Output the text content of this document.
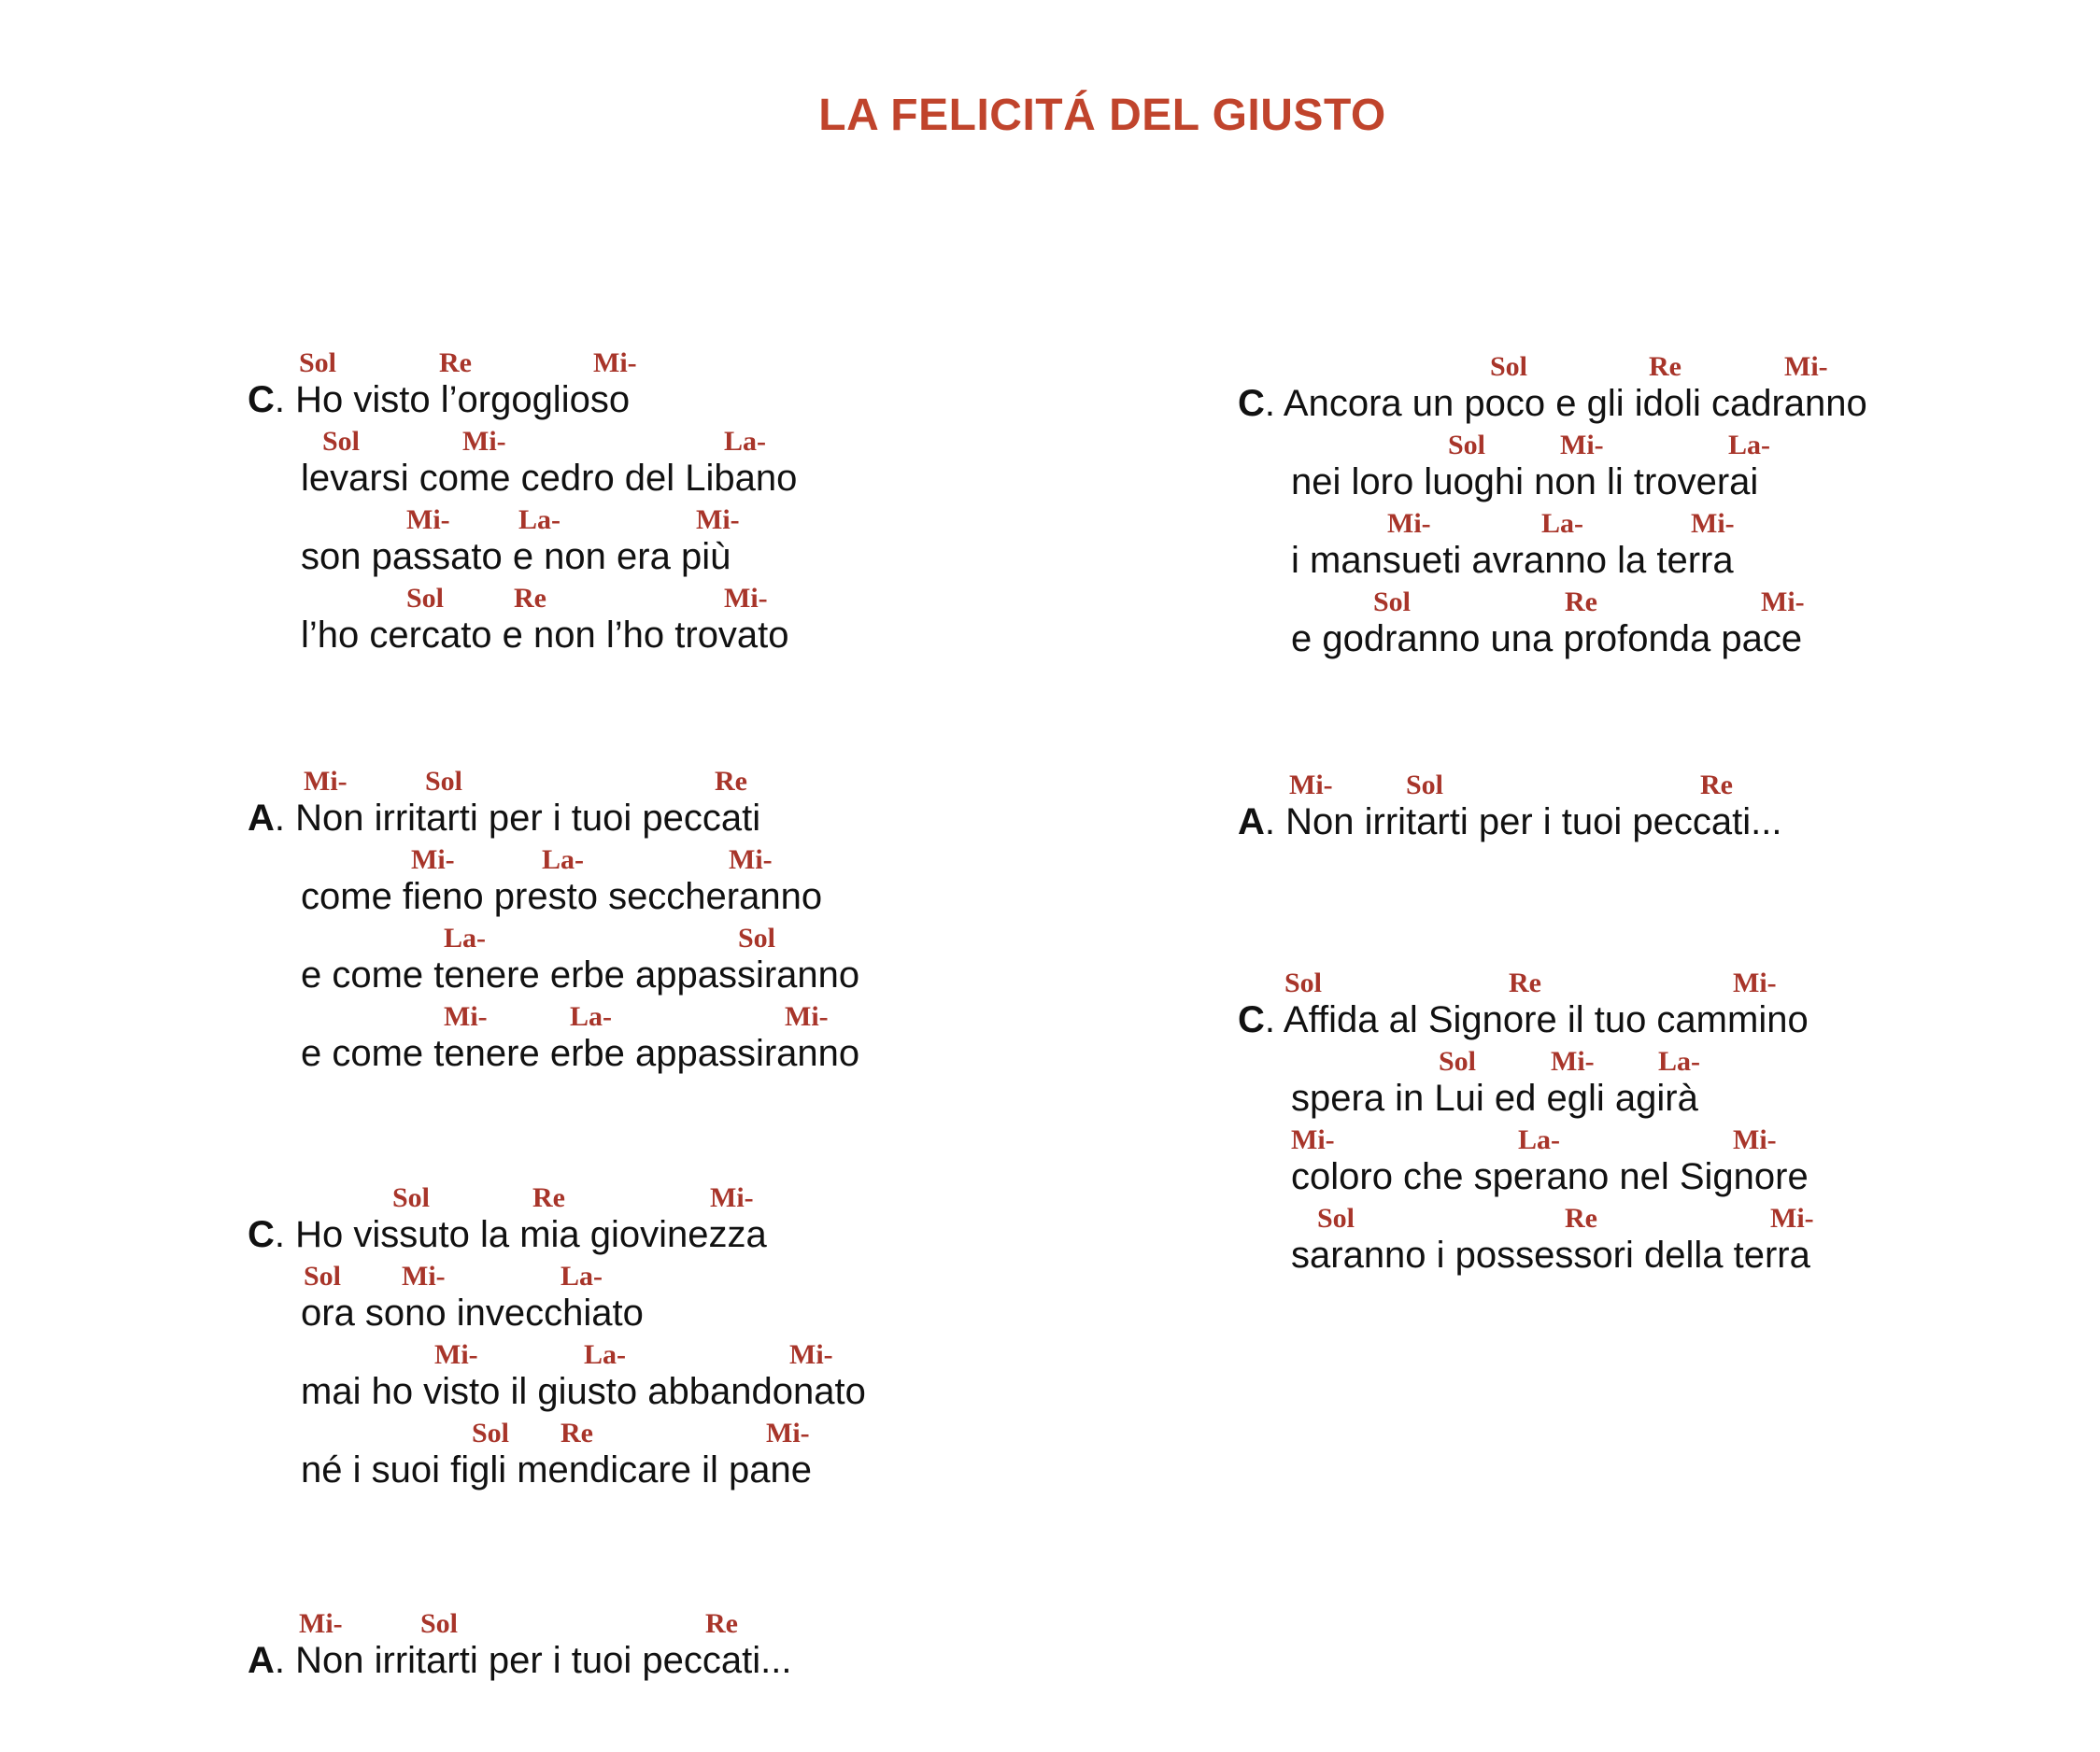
LA FELICITÁ DEL GIUSTO
Sol	Re	Mi-
C. Ho visto l’orgoglioso
Sol	Mi-	La-
levarsi come cedro del Libano
Mi- La-	Mi-
son passato e non era più
Sol Re	Mi-
l’ho cercato e non l’ho trovato
Mi-	Sol	Re
A. Non irritarti per i tuoi peccati
Mi-	La-	Mi-
come fieno presto seccheranno
La-	Sol
e come tenere erbe appassiranno
Mi-	La-	Mi-
e come tenere erbe appassiranno
Sol	Re	Mi-
C. Ho vissuto la mia giovinezza
Sol Mi-	La-
ora sono invecchiato
Mi-	La-	Mi-
mai ho visto il giusto abbandonato
Sol Re	Mi-
né i suoi figli mendicare il pane
Mi-	Sol	Re
A. Non irritarti per i tuoi peccati...
Sol	Re	Mi-
C. Ancora un poco e gli idoli cadranno
Sol	Mi-	La-
nei loro luoghi non li troverai
Mi-	La-	Mi-
i mansueti avranno la terra
Sol	Re	Mi-
e godranno una profonda pace
Mi-	Sol	Re
A. Non irritarti per i tuoi peccati...
Sol	Re	Mi-
C. Affida al Signore il tuo cammino
Sol	Mi- La-
spera in Lui ed egli agirà
Mi-	La-	Mi-
coloro che sperano nel Signore
Sol	Re	Mi-
saranno i possessori della terra
